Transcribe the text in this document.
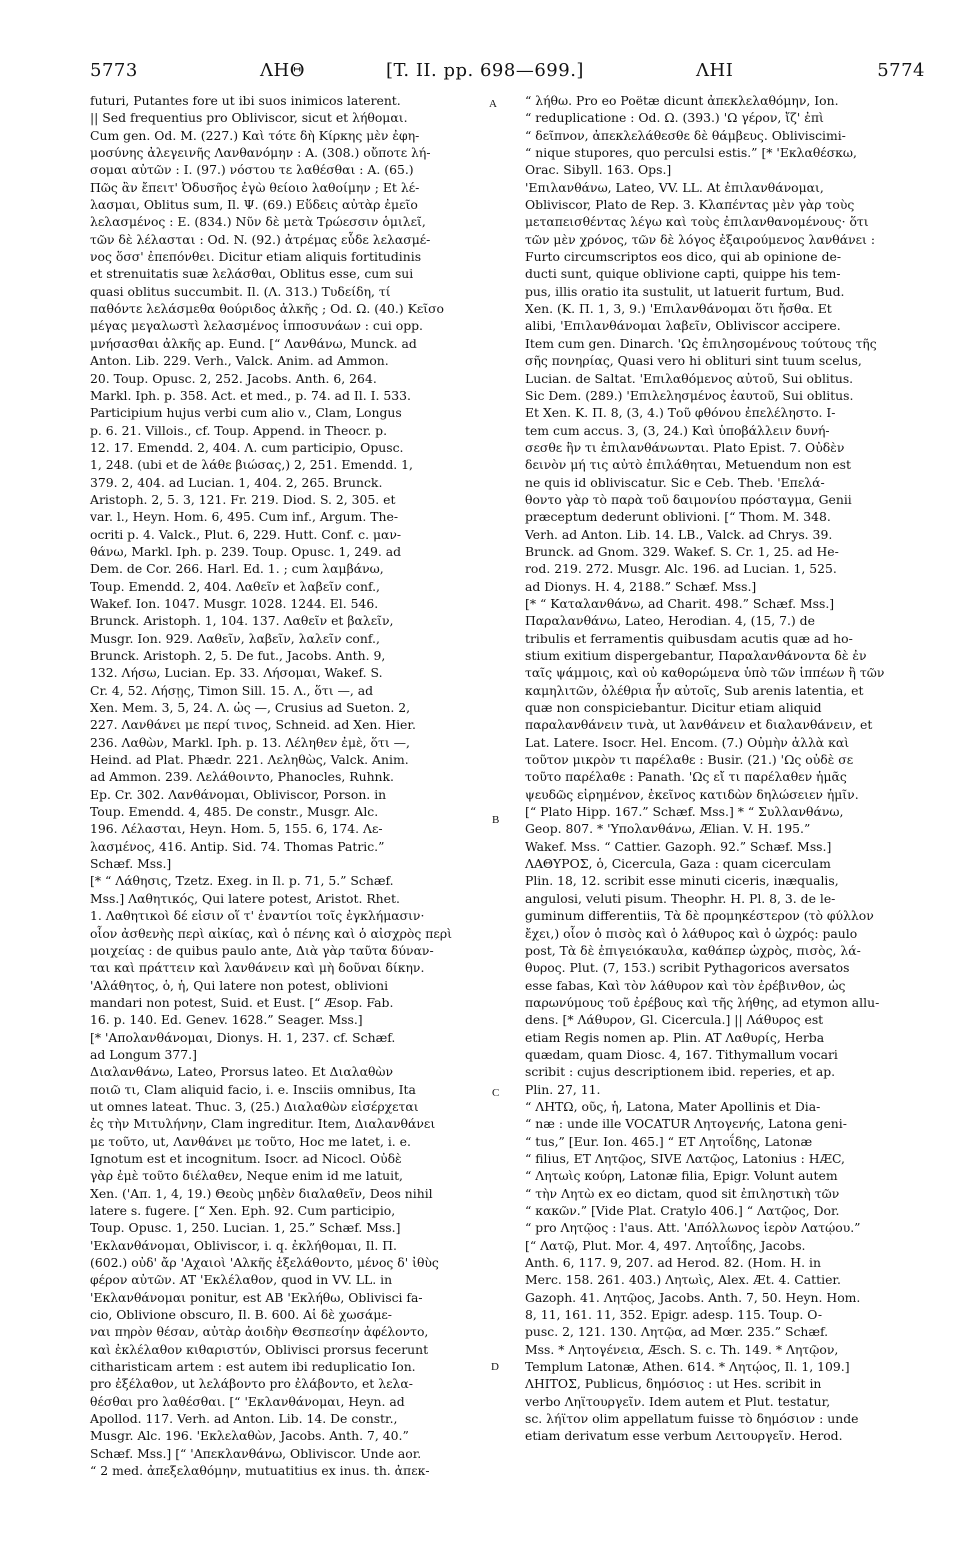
5773	ΛΗΘ	[T. II. pp. 698—699.]	ΛΗΙ	5774
futuri, Putantes fore ut ibi suos inimicos laterent.
|| Sed frequentius pro Obliviscor, sicut et λήθομαι.
Cum gen. Od. M. (227.) Καὶ τότε δὴ Κίρκης μὲν ἐφη-
μοσύνης ἀλεγεινῆς Λανθανόμην : A. (308.) οὔποτε λή-
σομαι αὐτῶν : I. (97.) νόστου τε λαθέσθαι : A. (65.)
Πῶς ἂν ἔπειτ' Ὀδυσῆος ἐγὼ θείοιο λαθοίμην ; Et λέ-
λασμαι, Oblitus sum, Il. Ψ. (69.) Εὕδεις αὐτὰρ ἐμεῖο
λελασμένος : E. (834.) Νῦν δὲ μετὰ Τρώεσσιν ὁμιλεῖ,
τῶν δὲ λέλασται : Od. N. (92.) ἀτρέμας εὗδε λελασμέ-
νος ὅσσ' ἐπεπόνθει. Dicitur etiam aliquis fortitudinis
et strenuitatis suæ λελάσθαι, Oblitus esse, cum sui
quasi oblitus succumbit. Il. (Λ. 313.) Τυδείδη, τί
παθόντε λελάσμεθα θούριδος ἀλκῆς ; Od. Ω. (40.) Κεῖσο
μέγας μεγαλωστὶ λελασμένος ἱπποσυνάων : cui opp.
μνήσασθαι ἀλκῆς ap. Eund. [“ Λανθάνω, Munck. ad
Anton. Lib. 229. Verh., Valck. Anim. ad Ammon.
20. Toup. Opusc. 2, 252. Jacobs. Anth. 6, 264.
Markl. Iph. p. 358. Act. et med., p. 74. ad Il. I. 533.
Participium hujus verbi cum alio v., Clam, Longus
p. 6. 21. Villois., cf. Toup. Append. in Theocr. p.
12. 17. Emendd. 2, 404. Λ. cum participio, Opusc.
1, 248. (ubi et de λάθε βιώσας,) 2, 251. Emendd. 1,
379. 2, 404. ad Lucian. 1, 404. 2, 265. Brunck.
Aristoph. 2, 5. 3, 121. Fr. 219. Diod. S. 2, 305. et
var. l., Heyn. Hom. 6, 495. Cum inf., Argum. The-
ocriti p. 4. Valck., Plut. 6, 229. Hutt. Conf. c. μαν-
θάνω, Markl. Iph. p. 239. Toup. Opusc. 1, 249. ad
Dem. de Cor. 266. Harl. Ed. 1. ; cum λαμβάνω,
Toup. Emendd. 2, 404. Λαθεῖν et λαβεῖν conf.,
Wakef. Ion. 1047. Musgr. 1028. 1244. El. 546.
Brunck. Aristoph. 1, 104. 137. Λαθεῖν et βαλεῖν,
Musgr. Ion. 929. Λαθεῖν, λαβεῖν, λαλεῖν conf.,
Brunck. Aristoph. 2, 5. De fut., Jacobs. Anth. 9,
132. Λήσω, Lucian. Ep. 33. Λήσομαι, Wakef. S.
Cr. 4, 52. Λήσῃς, Timon Sill. 15. Λ., ὅτι —, ad
Xen. Mem. 3, 5, 24. Λ. ὡς —, Crusius ad Sueton. 2,
227. Λανθάνει με περί τινος, Schneid. ad Xen. Hier.
236. Λαθὼν, Markl. Iph. p. 13. Λέληθεν ἐμὲ, ὅτι —,
Heind. ad Plat. Phædr. 221. Λεληθὼς, Valck. Anim.
ad Ammon. 239. Λελάθοιντο, Phanocles, Ruhnk.
Ep. Cr. 302. Λανθάνομαι, Obliviscor, Porson. in
Toup. Emendd. 4, 485. De constr., Musgr. Alc.
196. Λέλασται, Heyn. Hom. 5, 155. 6, 174. Λε-
λασμένος, 416. Antip. Sid. 74. Thomas Patric.”
Schæf. Mss.]
[* “ Λάθησις, Tzetz. Exeg. in Il. p. 71, 5.” Schæf.
Mss.] Λαθητικός, Qui latere potest, Aristot. Rhet.
1. Λαθητικοὶ δέ εἰσιν οἵ τ' ἐναντίοι τοῖς ἐγκλήμασιν·
οἷον ἀσθενὴς περὶ αἰκίας, καὶ ὁ πένης καὶ ὁ αἰσχρὸς περὶ
μοιχείας : de quibus paulo ante, Διὰ γὰρ ταῦτα δύναν-
ται καὶ πράττειν καὶ λανθάνειν καὶ μὴ δοῦναι δίκην.
'Αλάθητος, ὁ, ἡ, Qui latere non potest, oblivioni
mandari non potest, Suid. et Eust. [“ Æsop. Fab.
16. p. 140. Ed. Genev. 1628.” Seager. Mss.]
[* 'Απολανθάνομαι, Dionys. H. 1, 237. cf. Schæf.
ad Longum 377.]
Διαλανθάνω, Lateo, Prorsus lateo. Et Διαλαθὼν
ποιῶ τι, Clam aliquid facio, i. e. Insciis omnibus, Ita
ut omnes lateat. Thuc. 3, (25.) Διαλαθὼν εἰσέρχεται
ἐς τὴν Μιτυλήνην, Clam ingreditur. Item, Διαλανθάνει
με τοῦτο, ut, Λανθάνει με τοῦτο, Hoc me latet, i. e.
Ignotum est et incognitum. Isocr. ad Nicocl. Οὐδὲ
γὰρ ἐμὲ τοῦτο διέλαθεν, Neque enim id me latuit,
Xen. ('Απ. 1, 4, 19.) Θεοὺς μηδὲν διαλαθεῖν, Deos nihil
latere s. fugere. [“ Xen. Eph. 92. Cum participio,
Toup. Opusc. 1, 250. Lucian. 1, 25.” Schæf. Mss.]
'Εκλανθάνομαι, Obliviscor, i. q. ἐκλήθομαι, Il. Π.
(602.) οὐδ' ἄρ 'Αχαιοὶ 'Αλκῆς ἐξελάθοντο, μένος δ' ἰθὺς
φέρον αὐτῶν. AT 'Εκλέλαθον, quod in VV. LL. in
'Εκλανθάνομαι ponitur, est AB 'Εκλήθω, Oblivisci fa-
cio, Oblivione obscuro, Il. B. 600. Αἱ δὲ χωσάμε-
ναι πηρὸν θέσαν, αὐτὰρ ἀοιδὴν Θεσπεσίην ἀφέλοντο,
καὶ ἐκλέλαθον κιθαριστύν, Oblivisci prorsus fecerunt
citharisticam artem : est autem ibi reduplicatio Ion.
pro ἐξέλαθον, ut λελάβοντο pro ἐλάβοντο, et λελα-
θέσθαι pro λαθέσθαι. [“ 'Εκλανθάνομαι, Heyn. ad
Apollod. 117. Verh. ad Anton. Lib. 14. De constr.,
Musgr. Alc. 196. 'Εκλελαθὼν, Jacobs. Anth. 7, 40.”
Schæf. Mss.] [“ 'Απεκλανθάνω, Obliviscor. Unde aor.
“ 2 med. ἀπεξελαθόμην, mutuatitius ex inus. th. ἀπεκ-
A
B
C
D
“ λήθω. Pro eo Poëtæ dicunt ἀπεκλελαθόμην, Ion.
“ reduplicatione : Od. Ω. (393.) 'Ω γέρον, ἴζ' ἐπὶ
“ δεῖπνον, ἀπεκλελάθεσθε δὲ θάμβευς. Obliviscimi-
“ nique stupores, quo perculsi estis.” [* 'Εκλαθέσκω,
Orac. Sibyll. 163. Ops.]
'Επιλανθάνω, Lateo, VV. LL. At ἐπιλανθάνομαι,
Obliviscor, Plato de Rep. 3. Κλαπέντας μὲν γὰρ τοὺς
μεταπεισθέντας λέγω καὶ τοὺς ἐπιλανθανομένους· ὅτι
τῶν μὲν χρόνος, τῶν δὲ λόγος ἐξαιρούμενος λανθάνει :
Furto circumscriptos eos dico, qui ab opinione de-
ducti sunt, quique oblivione capti, quippe his tem-
pus, illis oratio ita sustulit, ut latuerit furtum, Bud.
Xen. (K. Π. 1, 3, 9.) 'Επιλανθάνομαι ὅτι ἤσθα. Et
alibi, 'Επιλανθάνομαι λαβεῖν, Obliviscor accipere.
Item cum gen. Dinarch. 'Ως ἐπιλησομένους τούτους τῆς
σῆς πονηρίας, Quasi vero hi oblituri sint tuum scelus,
Lucian. de Saltat. 'Επιλαθόμενος αὐτοῦ, Sui oblitus.
Sic Dem. (289.) 'Επιλελησμένος ἑαυτοῦ, Sui oblitus.
Et Xen. K. Π. 8, (3, 4.) Τοῦ φθόνου ἐπελέληστο. I-
tem cum accus. 3, (3, 24.) Καὶ ὑποβάλλειν δυνή-
σεσθε ἣν τι ἐπιλανθάνωνται. Plato Epist. 7. Οὐδὲν
δεινὸν μή τις αὐτὸ ἐπιλάθηται, Metuendum non est
ne quis id obliviscatur. Sic e Ceb. Theb. 'Επελά-
θοντο γὰρ τὸ παρὰ τοῦ δαιμονίου πρόσταγμα, Genii
præceptum dederunt oblivioni. [“ Thom. M. 348.
Verh. ad Anton. Lib. 14. LB., Valck. ad Chrys. 39.
Brunck. ad Gnom. 329. Wakef. S. Cr. 1, 25. ad He-
rod. 219. 272. Musgr. Alc. 196. ad Lucian. 1, 525.
ad Dionys. H. 4, 2188.” Schæf. Mss.]
[* “ Καταλανθάνω, ad Charit. 498.” Schæf. Mss.]
Παραλανθάνω, Lateo, Herodian. 4, (15, 7.) de
tribulis et ferramentis quibusdam acutis quæ ad ho-
stium exitium dispergebantur, Παραλανθάνοντα δὲ ἐν
ταῖς ψάμμοις, καὶ οὐ καθορώμενα ὑπὸ τῶν ἱππέων ἢ τῶν
καμηλιτῶν, ὀλέθρια ἦν αὐτοῖς, Sub arenis latentia, et
quæ non conspiciebantur. Dicitur etiam aliquid
παραλανθάνειν τινὰ, ut λανθάνειν et διαλανθάνειν, et
Lat. Latere. Isocr. Hel. Encom. (7.) Οὐμὴν ἀλλὰ καὶ
τοῦτον μικρὸν τι παρέλαθε : Busir. (21.) 'Ως οὐδὲ σε
τοῦτο παρέλαθε : Panath. 'Ως εἴ τι παρέλαθεν ἡμᾶς
ψευδῶς εἰρημένον, ἐκεῖνος κατιδὼν δηλώσειεν ἡμῖν.
[“ Plato Hipp. 167.” Schæf. Mss.] * “ Συλλανθάνω,
Geop. 807. * 'Υπολανθάνω, Ælian. V. H. 195.”
Wakef. Mss. “ Cattier. Gazoph. 92.” Schæf. Mss.]
ΛΑΘΥΡΟΣ, ὁ, Cicercula, Gaza : quam cicerculam
Plin. 18, 12. scribit esse minuti ciceris, inæqualis,
angulosi, veluti pisum. Theophr. H. Pl. 8, 3. de le-
guminum differentiis, Τὰ δὲ προμηκέστερον (τὸ φύλλον
ἔχει,) οἷον ὁ πισὸς καὶ ὁ λάθυρος καὶ ὁ ὠχρός: paulo
post, Τὰ δὲ ἐπιγειόκαυλα, καθάπερ ὠχρὸς, πισὸς, λά-
θυρος. Plut. (7, 153.) scribit Pythagoricos aversatos
esse fabas, Καὶ τὸν λάθυρον καὶ τὸν ἐρέβινθον, ὡς
παρωνύμους τοῦ ἐρέβους καὶ τῆς λήθης, ad etymon allu-
dens. [* Λάθυρον, Gl. Cicercula.] || Λάθυρος est
etiam Regis nomen ap. Plin. AT Λαθυρίς, Herba
quædam, quam Diosc. 4, 167. Tithymallum vocari
scribit : cujus descriptionem ibid. reperies, et ap.
Plin. 27, 11.
“ ΛΗΤΩ, οῦς, ἡ, Latona, Mater Apollinis et Dia-
“ næ : unde ille VOCATUR Λητογενής, Latona geni-
“ tus,” [Eur. Ion. 465.] “ ET Λητοΐδης, Latonæ
“ filius, ET Λητῷος, SIVE Λατῷος, Latonius : HÆC,
“ Λητωὶς κούρη, Latonæ filia, Epigr. Volunt autem
“ τὴν Λητὼ ex eo dictam, quod sit ἐπιληστικὴ τῶν
“ κακῶν.” [Vide Plat. Cratylo 406.] “ Λατῷος, Dor.
“ pro Λητῷος : l'aus. Att. 'Απόλλωνος ἱερὸν Λατῴου.”
[“ Λατῷ, Plut. Mor. 4, 497. Λητοΐδης, Jacobs.
Anth. 6, 117. 9, 207. ad Herod. 82. (Hom. H. in
Merc. 158. 261. 403.) Λητωὶς, Alex. Æt. 4. Cattier.
Gazoph. 41. Λητῷος, Jacobs. Anth. 7, 50. Heyn. Hom.
8, 11, 161. 11, 352. Epigr. adesp. 115. Toup. O-
pusc. 2, 121. 130. Λητῷα, ad Mœr. 235.” Schæf.
Mss. * Λητογένεια, Æsch. S. c. Th. 149. * Λητῷον,
Templum Latonæ, Athen. 614. * Λητῴος, Il. 1, 109.]
ΛΗΙΤΟΣ, Publicus, δημόσιος : ut Hes. scribit in
verbo Ληϊτουργεῖν. Idem autem et Plut. testatur,
sc. λήϊτον olim appellatum fuisse τὸ δημόσιον : unde
etiam derivatum esse verbum Λειτουργεῖν. Herod.
